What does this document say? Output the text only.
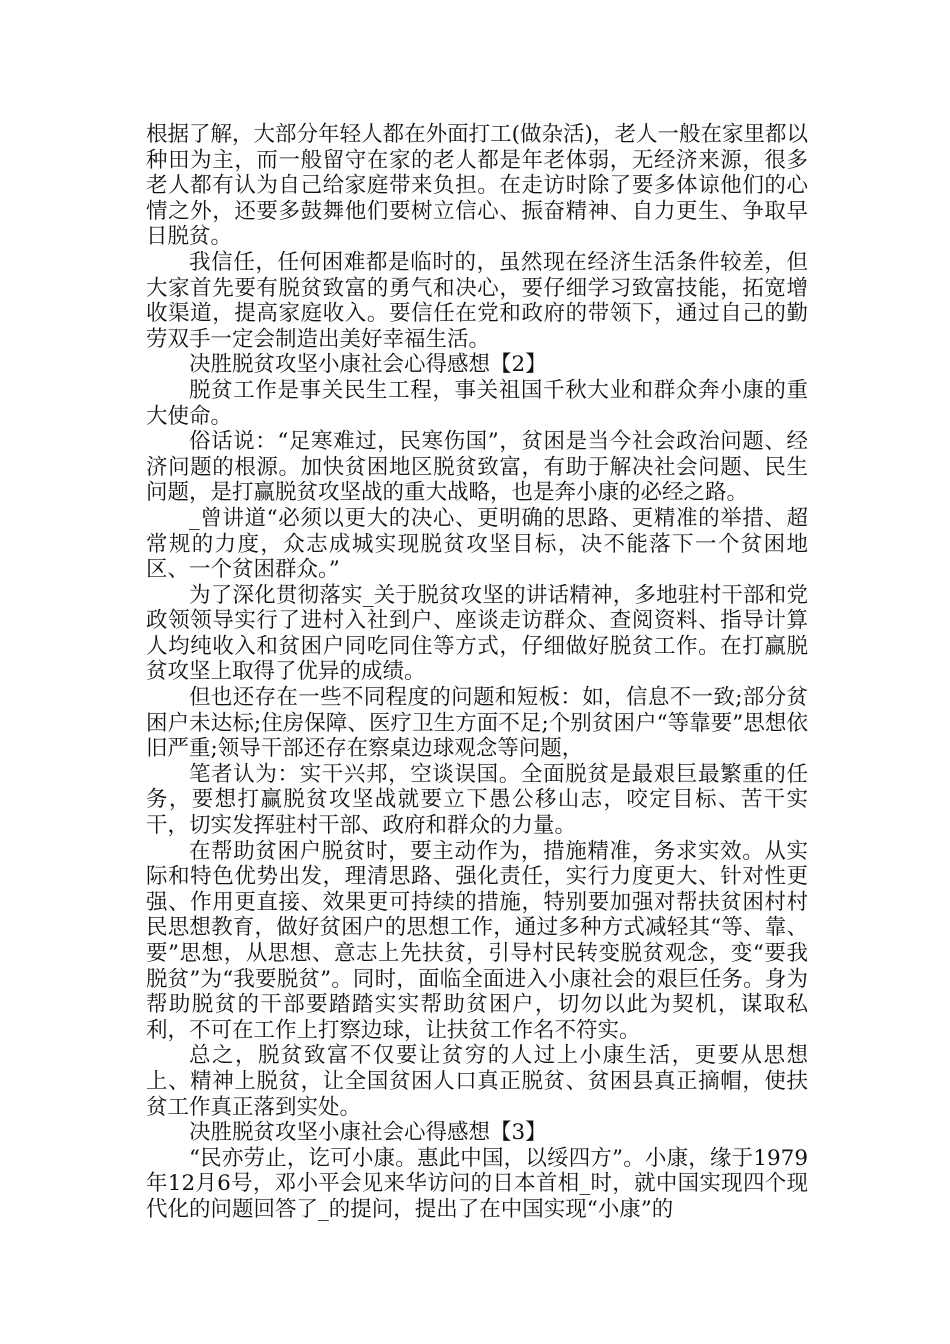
根据了解，大部分年轻人都在外面打工(做杂活)，老人一般在家里都以种田为主，而一般留守在家的老人都是年老体弱，无经济来源，很多老人都有认为自己给家庭带来负担。在走访时除了要多体谅他们的心情之外，还要多鼓舞他们要树立信心、振奋精神、自力更生、争取早日脱贫。

我信任，任何困难都是临时的，虽然现在经济生活条件较差，但大家首先要有脱贫致富的勇气和决心，要仔细学习致富技能，拓宽增收渠道，提高家庭收入。要信任在党和政府的带领下，通过自己的勤劳双手一定会制造出美好幸福生活。

决胜脱贫攻坚小康社会心得感想【2】

脱贫工作是事关民生工程，事关祖国千秋大业和群众奔小康的重大使命。

俗话说：“足寒难过，民寒伤国”，贫困是当今社会政治问题、经济问题的根源。加快贫困地区脱贫致富，有助于解决社会问题、民生问题，是打赢脱贫攻坚战的重大战略，也是奔小康的必经之路。

_曾讲道“必须以更大的决心、更明确的思路、更精准的举措、超常规的力度，众志成城实现脱贫攻坚目标，决不能落下一个贫困地区、一个贫困群众。”

为了深化贯彻落实_关于脱贫攻坚的讲话精神，多地驻村干部和党政领领导实行了进村入社到户、座谈走访群众、查阅资料、指导计算人均纯收入和贫困户同吃同住等方式，仔细做好脱贫工作。在打赢脱贫攻坚上取得了优异的成绩。

但也还存在一些不同程度的问题和短板：如，信息不一致;部分贫困户未达标;住房保障、医疗卫生方面不足;个别贫困户“等靠要”思想依旧严重;领导干部还存在察桌边球观念等问题，

笔者认为：实干兴邦，空谈误国。全面脱贫是最艰巨最繁重的任务，要想打赢脱贫攻坚战就要立下愚公移山志，咬定目标、苦干实干，切实发挥驻村干部、政府和群众的力量。

在帮助贫困户脱贫时，要主动作为，措施精准，务求实效。从实际和特色优势出发，理清思路、强化责任，实行力度更大、针对性更强、作用更直接、效果更可持续的措施，特别要加强对帮扶贫困村村民思想教育，做好贫困户的思想工作，通过多种方式减轻其“等、靠、要”思想，从思想、意志上先扶贫，引导村民转变脱贫观念，变“要我脱贫”为“我要脱贫”。同时，面临全面进入小康社会的艰巨任务。身为帮助脱贫的干部要踏踏实实帮助贫困户，切勿以此为契机，谋取私利，不可在工作上打察边球，让扶贫工作名不符实。

总之，脱贫致富不仅要让贫穷的人过上小康生活，更要从思想上、精神上脱贫，让全国贫困人口真正脱贫、贫困县真正摘帽，使扶贫工作真正落到实处。

决胜脱贫攻坚小康社会心得感想【3】

“民亦劳止，讫可小康。惠此中国，以绥四方”。小康，缘于1979年12月6号，邓小平会见来华访问的日本首相_时，就中国实现四个现代化的问题回答了_的提问，提出了在中国实现“小康”的
